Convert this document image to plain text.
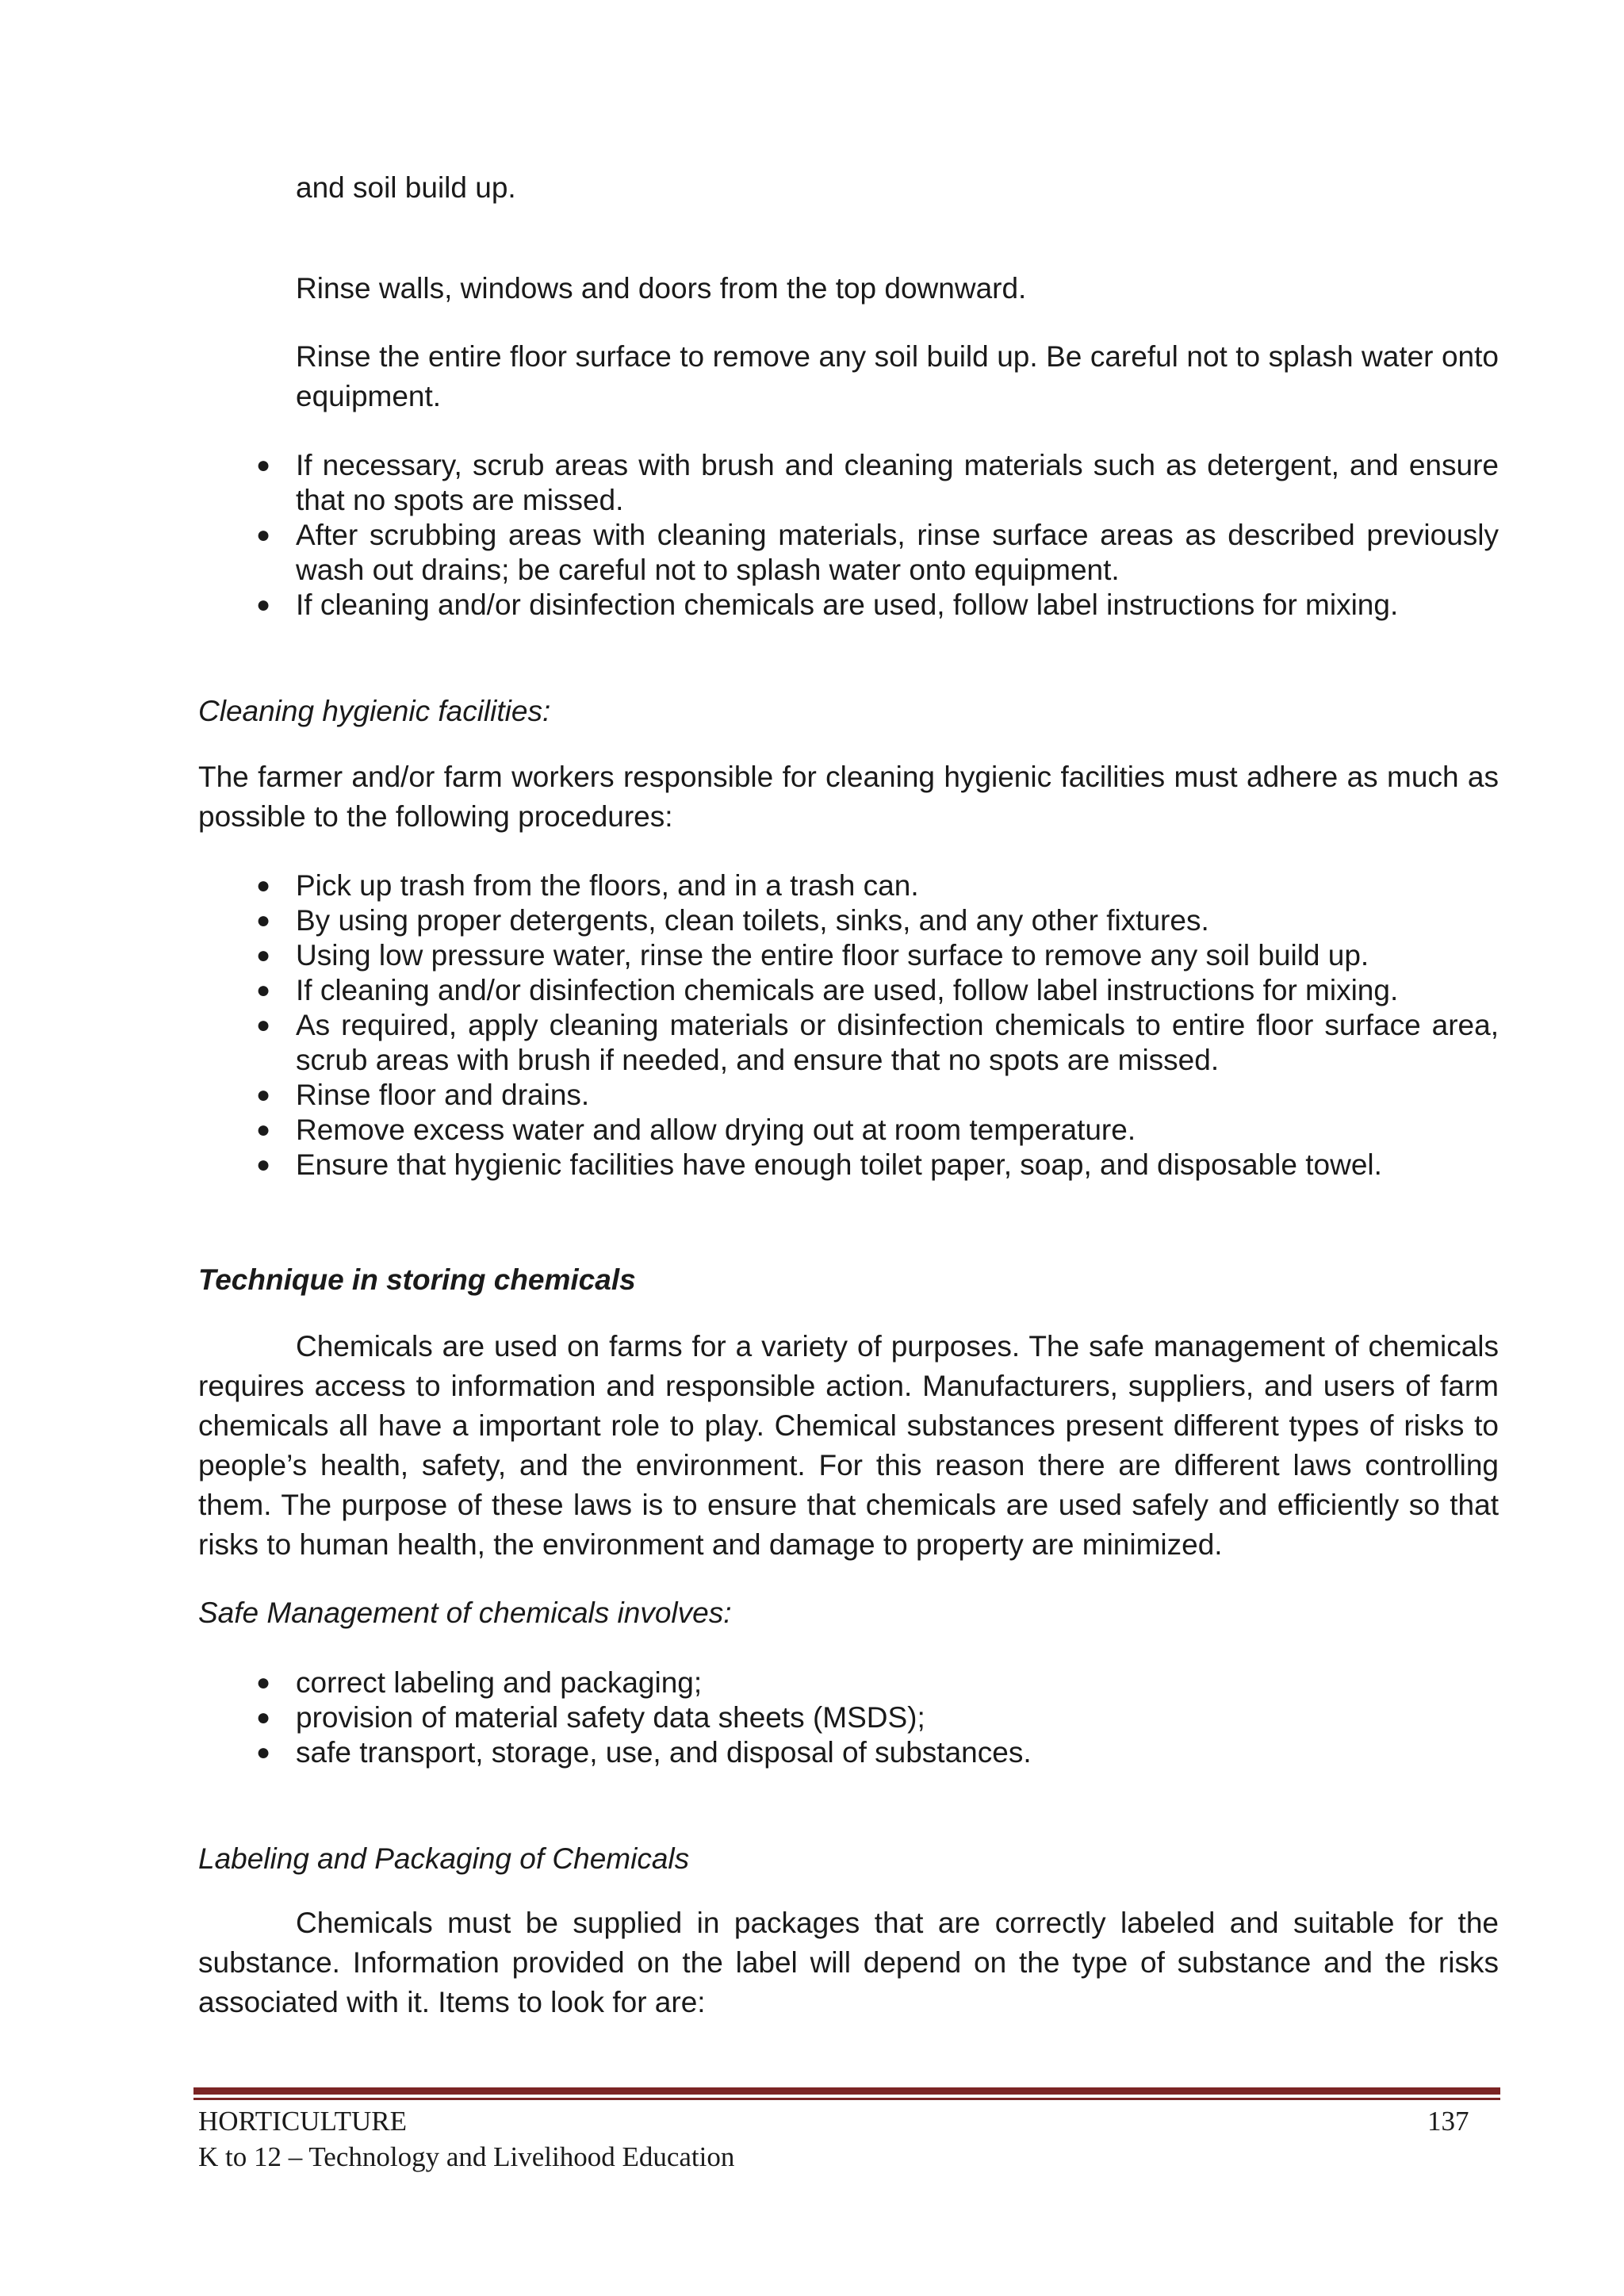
and soil build up.
Rinse walls, windows and doors from the top downward.
Rinse the entire floor surface to remove any soil build up. Be careful not to splash water onto equipment.
● If necessary, scrub areas with brush and cleaning materials such as detergent, and ensure that no spots are missed.
● After scrubbing areas with cleaning materials, rinse surface areas as described previously wash out drains; be careful not to splash water onto equipment.
● If cleaning and/or disinfection chemicals are used, follow label instructions for mixing.
Cleaning hygienic facilities:
The farmer and/or farm workers responsible for cleaning hygienic facilities must adhere as much as possible to the following procedures:
● Pick up trash from the floors, and in a trash can.
● By using proper detergents, clean toilets, sinks, and any other fixtures.
● Using low pressure water, rinse the entire floor surface to remove any soil build up.
● If cleaning and/or disinfection chemicals are used, follow label instructions for mixing.
● As required, apply cleaning materials or disinfection chemicals to entire floor surface area, scrub areas with brush if needed, and ensure that no spots are missed.
● Rinse floor and drains.
● Remove excess water and allow drying out at room temperature.
● Ensure that hygienic facilities have enough toilet paper, soap, and disposable towel.
Technique in storing chemicals
Chemicals are used on farms for a variety of purposes. The safe management of chemicals requires access to information and responsible action. Manufacturers, suppliers, and users of farm chemicals all have a important role to play. Chemical substances present different types of risks to people’s health, safety, and the environment. For this reason there are different laws controlling them. The purpose of these laws is to ensure that chemicals are used safely and efficiently so that risks to human health, the environment and damage to property are minimized.
Safe Management of chemicals involves:
● correct labeling and packaging;
● provision of material safety data sheets (MSDS);
● safe transport, storage, use, and disposal of substances.
Labeling and Packaging of Chemicals
Chemicals must be supplied in packages that are correctly labeled and suitable for the substance. Information provided on the label will depend on the type of substance and the risks associated with it. Items to look for are:
HORTICULTURE	137
K to 12 – Technology and Livelihood Education
